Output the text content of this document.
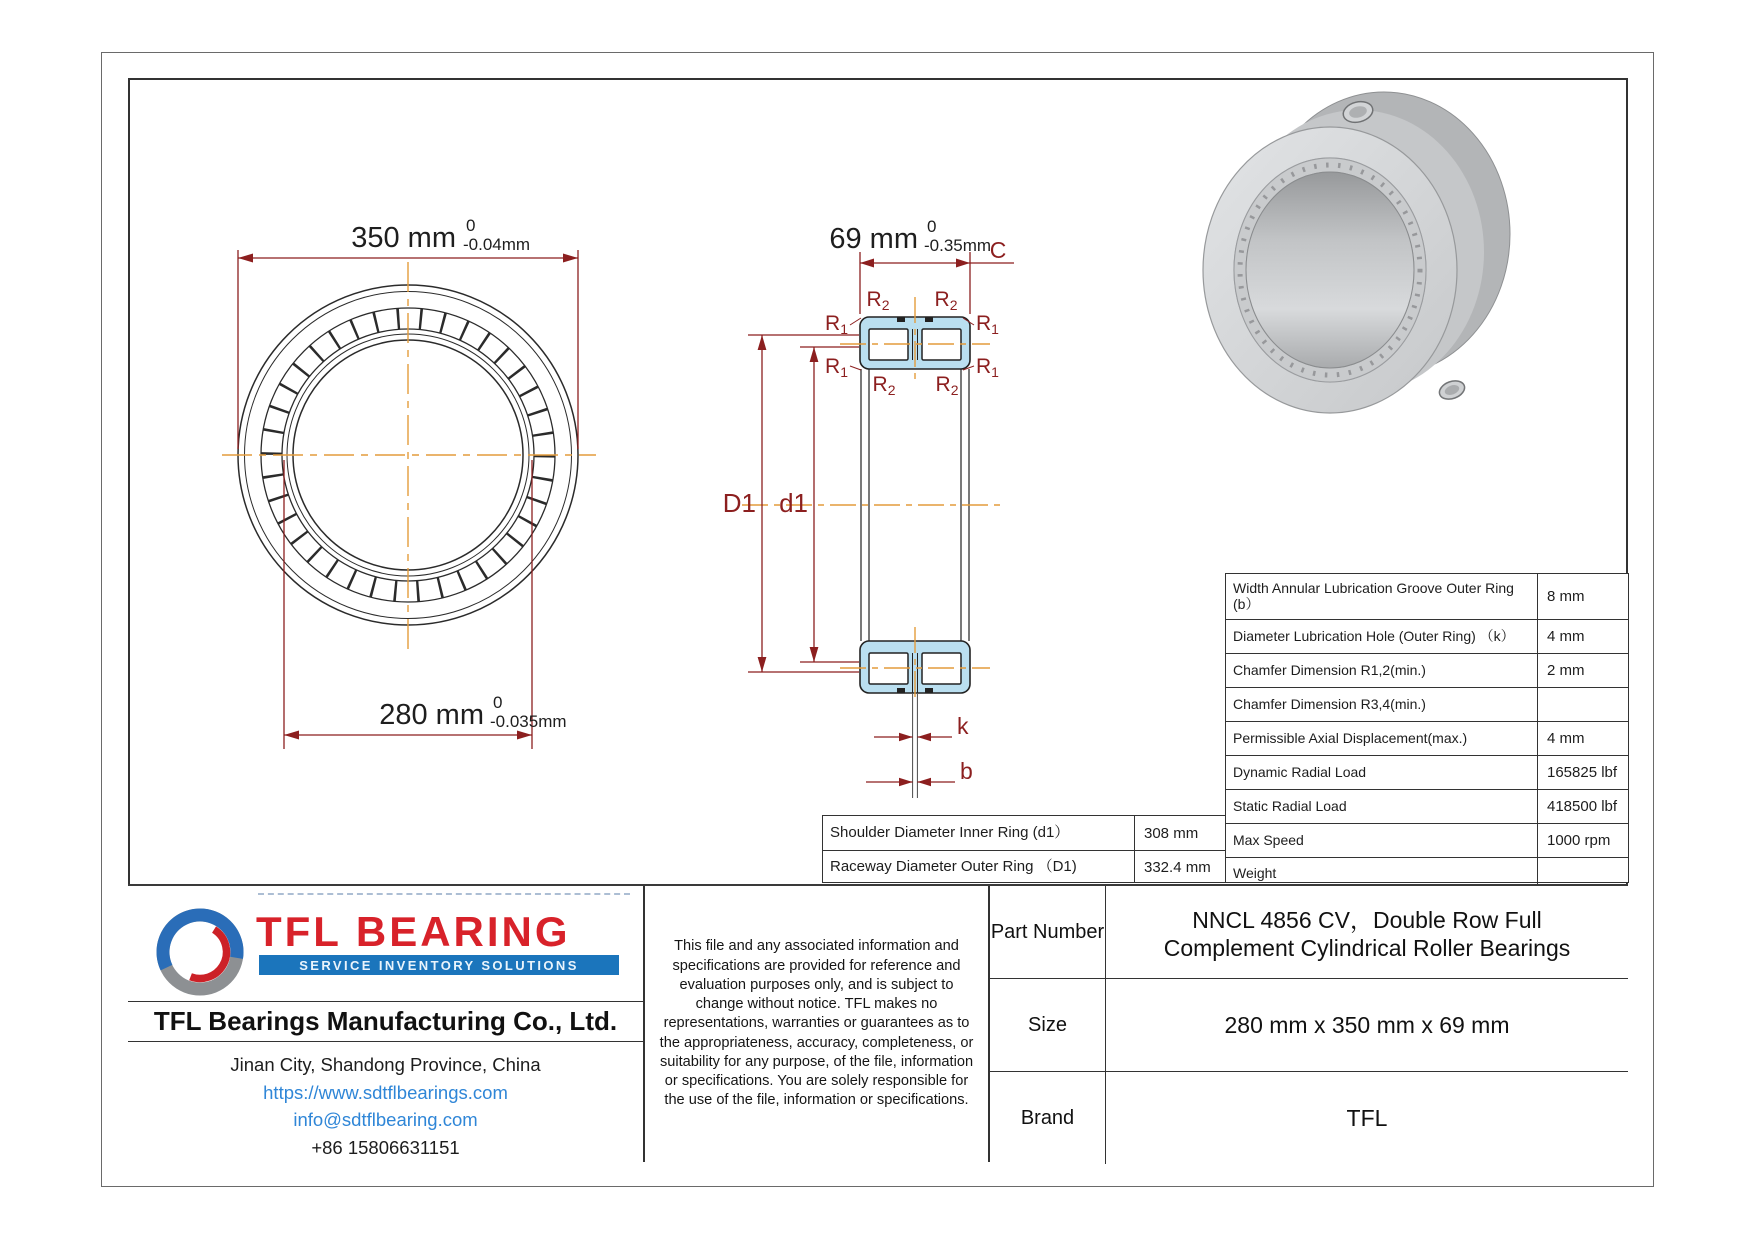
350 mm 0
-0.04mm
280 mm 0
-0.035mm
69 mm 0
-0.35mm
C
D1 d1
k
b
R2 R2
R1	R1
R1	R1
R2 R2
Shoulder Diameter Inner Ring (d1）	308 mm
Raceway Diameter Outer Ring （D1)	332.4 mm
Width Annular Lubrication Groove Outer Ring (b）	8 mm
Diameter Lubrication Hole (Outer Ring) （k）	4 mm
Chamfer Dimension R1,2(min.)	2 mm
Chamfer Dimension R3,4(min.)
Permissible Axial Displacement(max.)	4 mm
Dynamic Radial Load	165825 lbf
Static Radial Load	418500 lbf
Max Speed	1000 rpm
Weight
TFL BEARING
SERVICE INVENTORY SOLUTIONS
TFL Bearings Manufacturing Co., Ltd.
Jinan City, Shandong Province, China
https://www.sdtflbearings.com
info@sdtflbearing.com
+86 15806631151
This file and any associated information and specifications are provided for reference and evaluation purposes only, and is subject to change without notice. TFL makes no representations, warranties or guarantees as to the appropriateness, accuracy, completeness, or suitability for any purpose, of the file, information or specifications. You are solely responsible for the use of the file, information or specifications.
Part Number	NNCL 4856 CV，Double Row Full Complement Cylindrical Roller Bearings
Size	280 mm x 350 mm x 69 mm
Brand	TFL
